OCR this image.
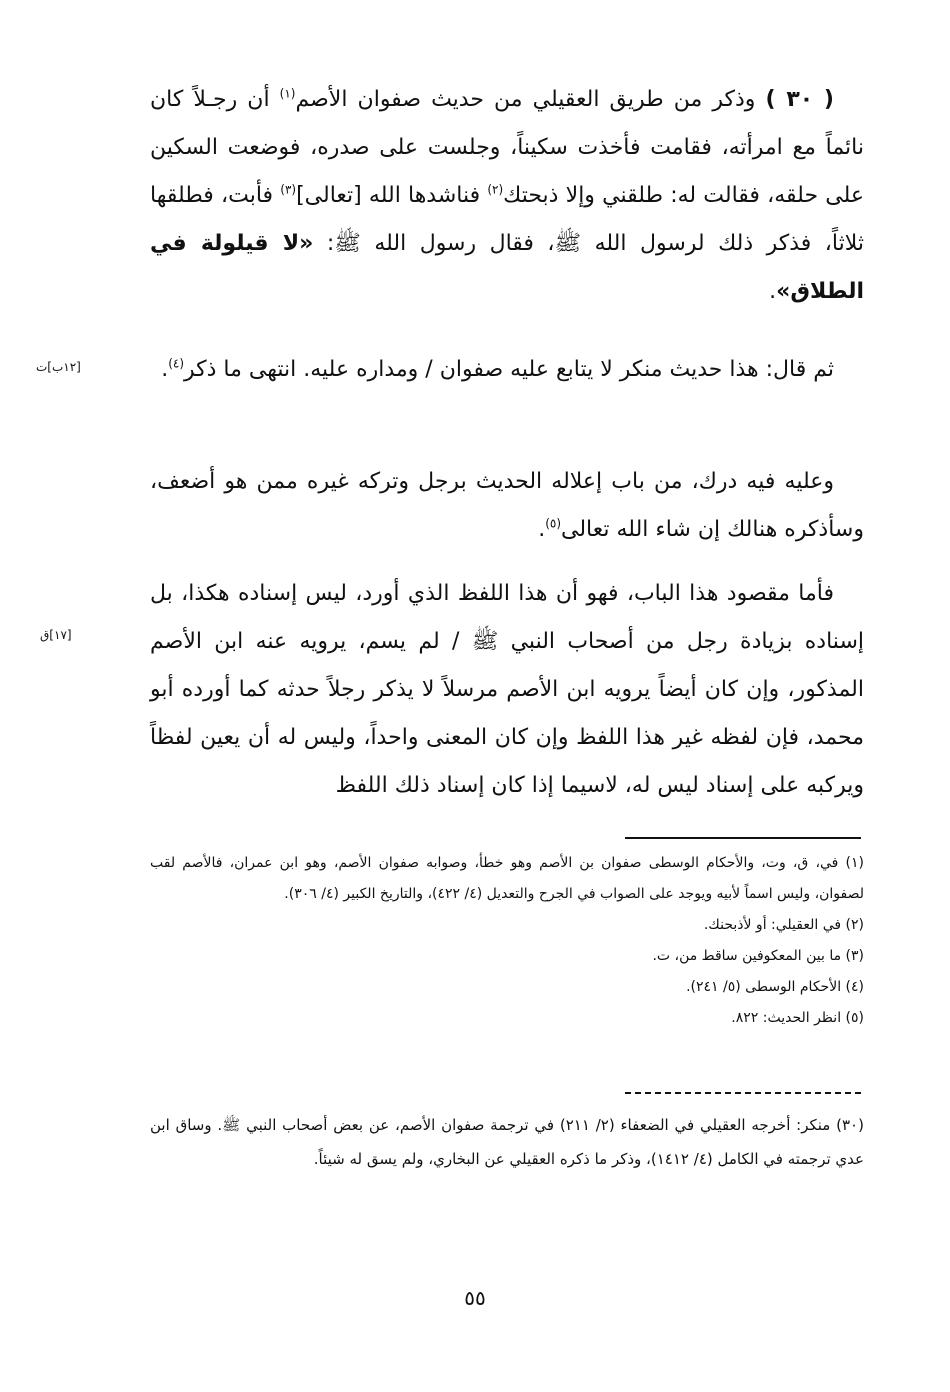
( ٣٠ ) وذكر من طريق العقيلي من حديث صفوان الأصم$^{(١)}$ أن رجـلاً كان نائماً مع امرأته، فقامت فأخذت سكيناً، وجلست على صدره، فوضعت السكين على حلقه، فقالت له: طلقني وإلا ذبحتك$^{(٢)}$ فناشدها الله [تعالى]$^{(٣)}$ فأبت، فطلقها ثلاثاً، فذكر ذلك لرسول الله ﷺ، فقال رسول الله ﷺ: «لا قيلولة في الطلاق».

ثم قال: هذا حديث منكر لا يتابع عليه صفوان / ومداره عليه. انتهى ما ذكر$^{(٤)}$.

وعليه فيه درك، من باب إعلاله الحديث برجل وتركه غيره ممن هو أضعف، وسأذكره هنالك إن شاء الله تعالى$^{(٥)}$.

فأما مقصود هذا الباب، فهو أن هذا اللفظ الذي أورد، ليس إسناده هكذا، بل إسناده بزيادة رجل من أصحاب النبي ﷺ / لم يسم، يرويه عنه ابن الأصم المذكور، وإن كان أيضاً يرويه ابن الأصم مرسلاً لا يذكر رجلاً حدثه كما أورده أبو محمد، فإن لفظه غير هذا اللفظ وإن كان المعنى واحداً، وليس له أن يعين لفظاً ويركبه على إسناد ليس له، لاسيما إذا كان إسناد ذلك اللفظ

[١٢ب]ت
[١٧]ق

(١) في، ق، وت، والأحكام الوسطى صفوان بن الأصم وهو خطأ، وصوابه صفوان الأصم، وهو ابن عمران، فالأصم لقب لصفوان، وليس اسماً لأبيه ويوجد على الصواب في الجرح والتعديل (٤/ ٤٢٢)، والتاريخ الكبير (٤/ ٣٠٦).

(٢) في العقيلي: أو لأذبحنك.

(٣) ما بين المعكوفين ساقط من، ت.

(٤) الأحكام الوسطى (٥/ ٢٤١).

(٥) انظر الحديث: ٨٢٢.

(٣٠) منكر: أخرجه العقيلي في الضعفاء (٢/ ٢١١) في ترجمة صفوان الأصم، عن بعض أصحاب النبي ﷺ. وساق ابن عدي ترجمته في الكامل (٤/ ١٤١٢)، وذكر ما ذكره العقيلي عن البخاري، ولم يسق له شيئاً.

٥٥
